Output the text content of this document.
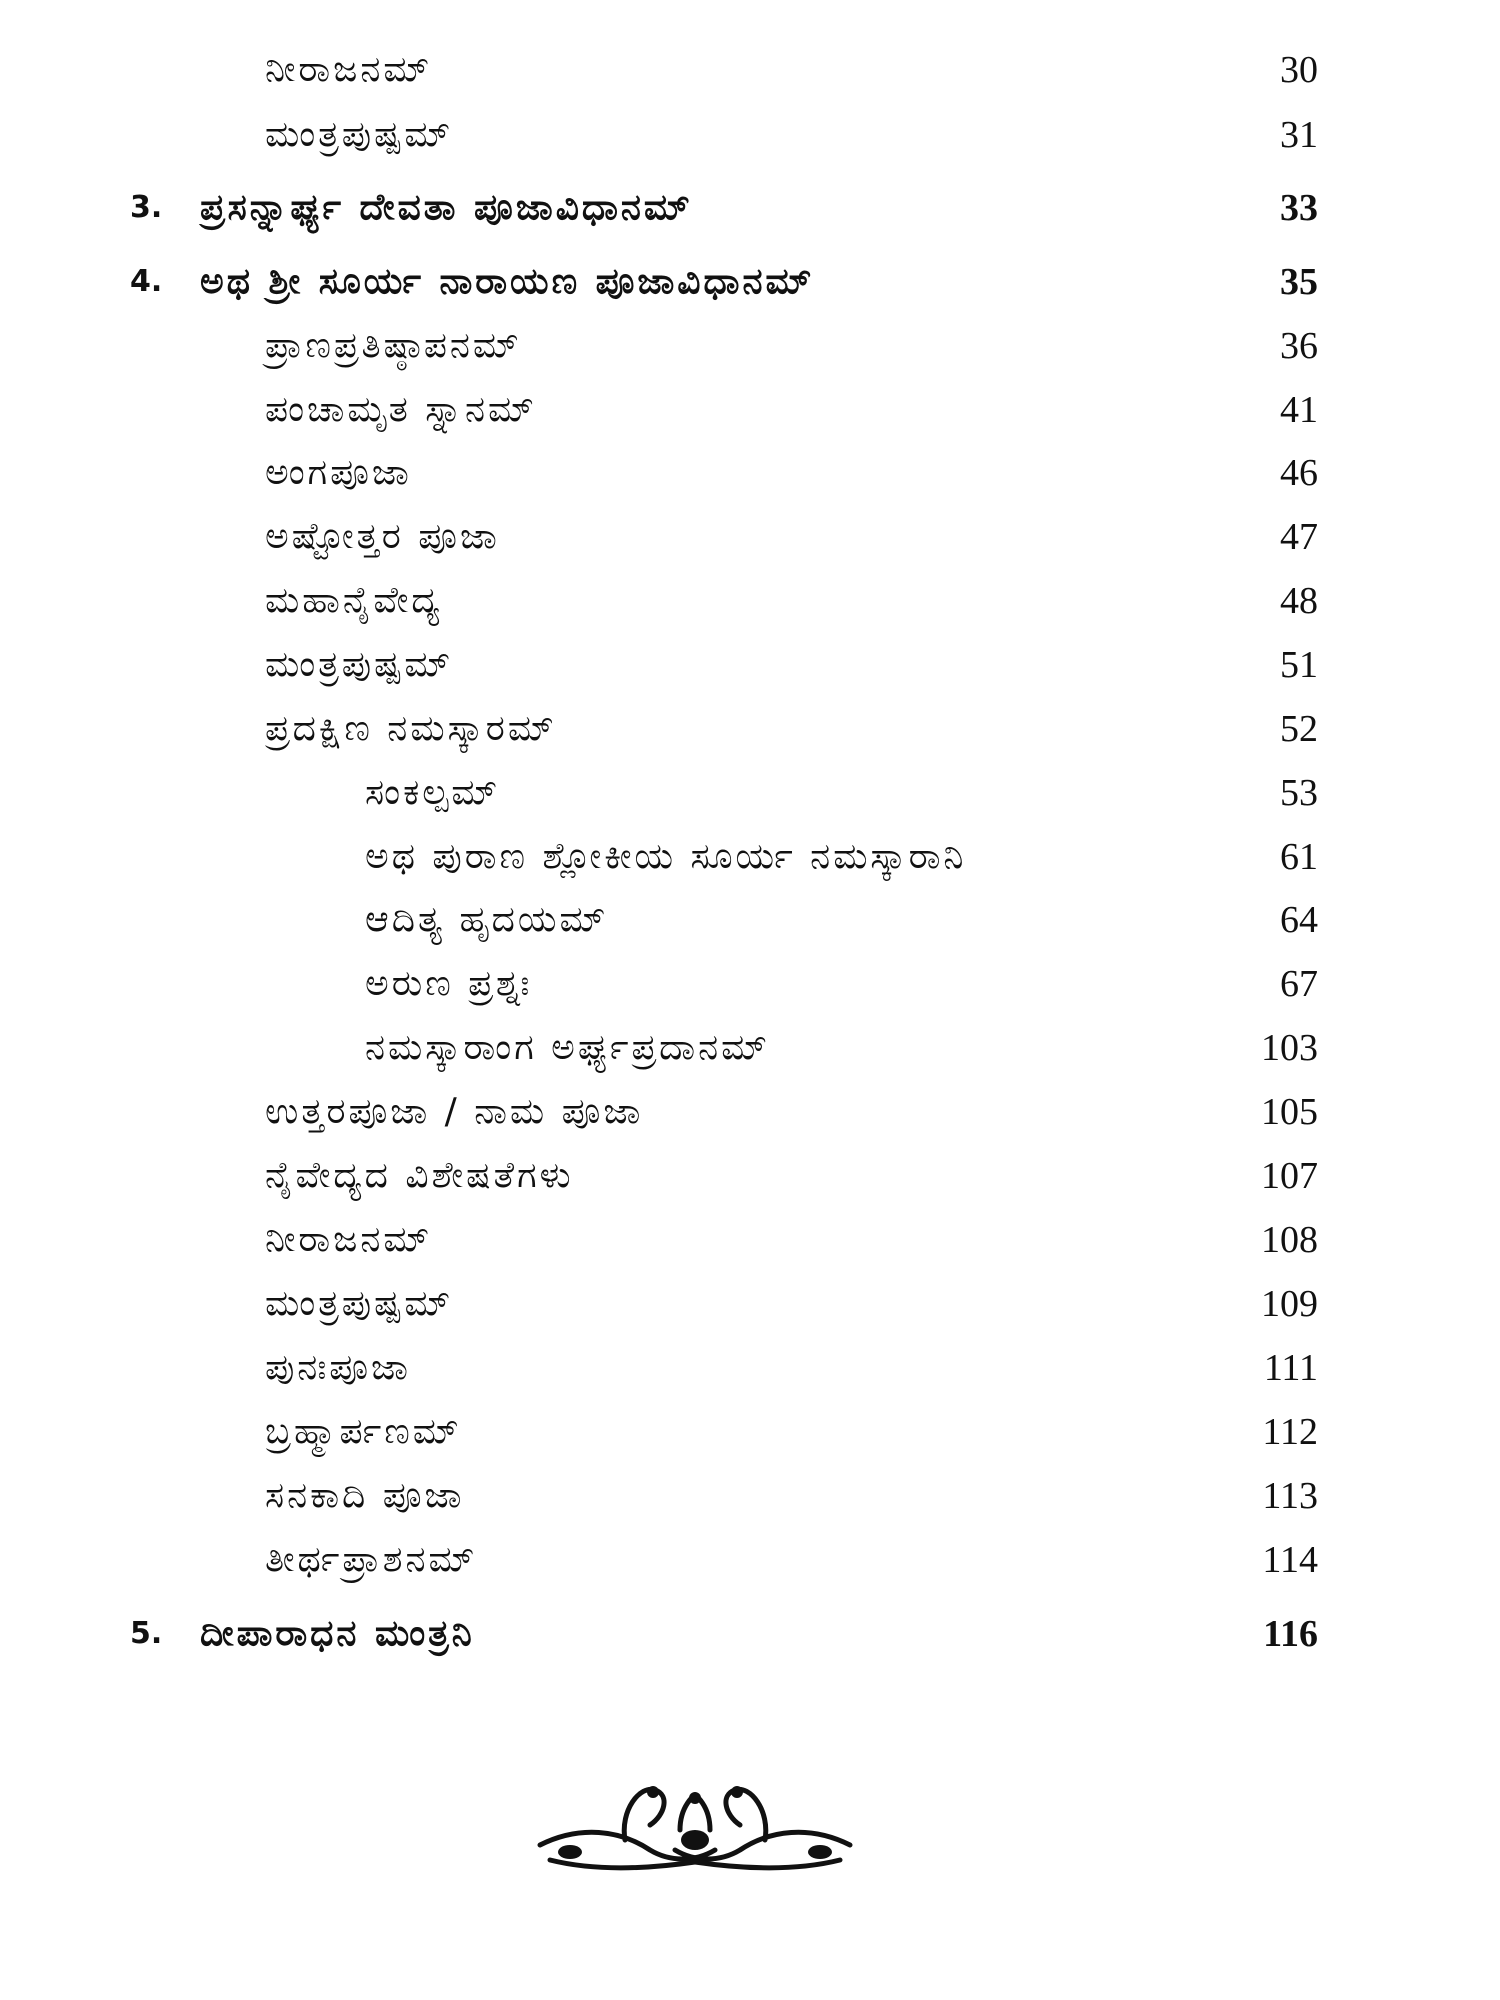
ನೀರಾಜನಮ್	30
ಮಂತ್ರಪುಷ್ಪಮ್	31
3. ಪ್ರಸನ್ನಾರ್ಘ್ಯ ದೇವತಾ ಪೂಜಾವಿಧಾನಮ್	33
4. ಅಥ ಶ್ರೀ ಸೂರ್ಯ ನಾರಾಯಣ ಪೂಜಾವಿಧಾನಮ್	35
ಪ್ರಾಣಪ್ರತಿಷ್ಠಾಪನಮ್	36
ಪಂಚಾಮೃತ ಸ್ನಾನಮ್	41
ಅಂಗಪೂಜಾ	46
ಅಷ್ಟೋತ್ತರ ಪೂಜಾ	47
ಮಹಾನೈವೇದ್ಯ	48
ಮಂತ್ರಪುಷ್ಪಮ್	51
ಪ್ರದಕ್ಷಿಣ ನಮಸ್ಕಾರಮ್	52
ಸಂಕಲ್ಪಮ್	53
ಅಥ ಪುರಾಣ ಶ್ಲೋಕೀಯ ಸೂರ್ಯ ನಮಸ್ಕಾರಾನಿ	61
ಆದಿತ್ಯ ಹೃದಯಮ್	64
ಅರುಣ ಪ್ರಶ್ನಃ	67
ನಮಸ್ಕಾರಾಂಗ ಅರ್ಘ್ಯಪ್ರದಾನಮ್	103
ಉತ್ತರಪೂಜಾ / ನಾಮ ಪೂಜಾ	105
ನೈವೇದ್ಯದ ವಿಶೇಷತೆಗಳು	107
ನೀರಾಜನಮ್	108
ಮಂತ್ರಪುಷ್ಪಮ್	109
ಪುನಃಪೂಜಾ	111
ಬ್ರಹ್ಮಾರ್ಪಣಮ್	112
ಸನಕಾದಿ ಪೂಜಾ	113
ತೀರ್ಥಪ್ರಾಶನಮ್	114
5. ದೀಪಾರಾಧನ ಮಂತ್ರನಿ	116
